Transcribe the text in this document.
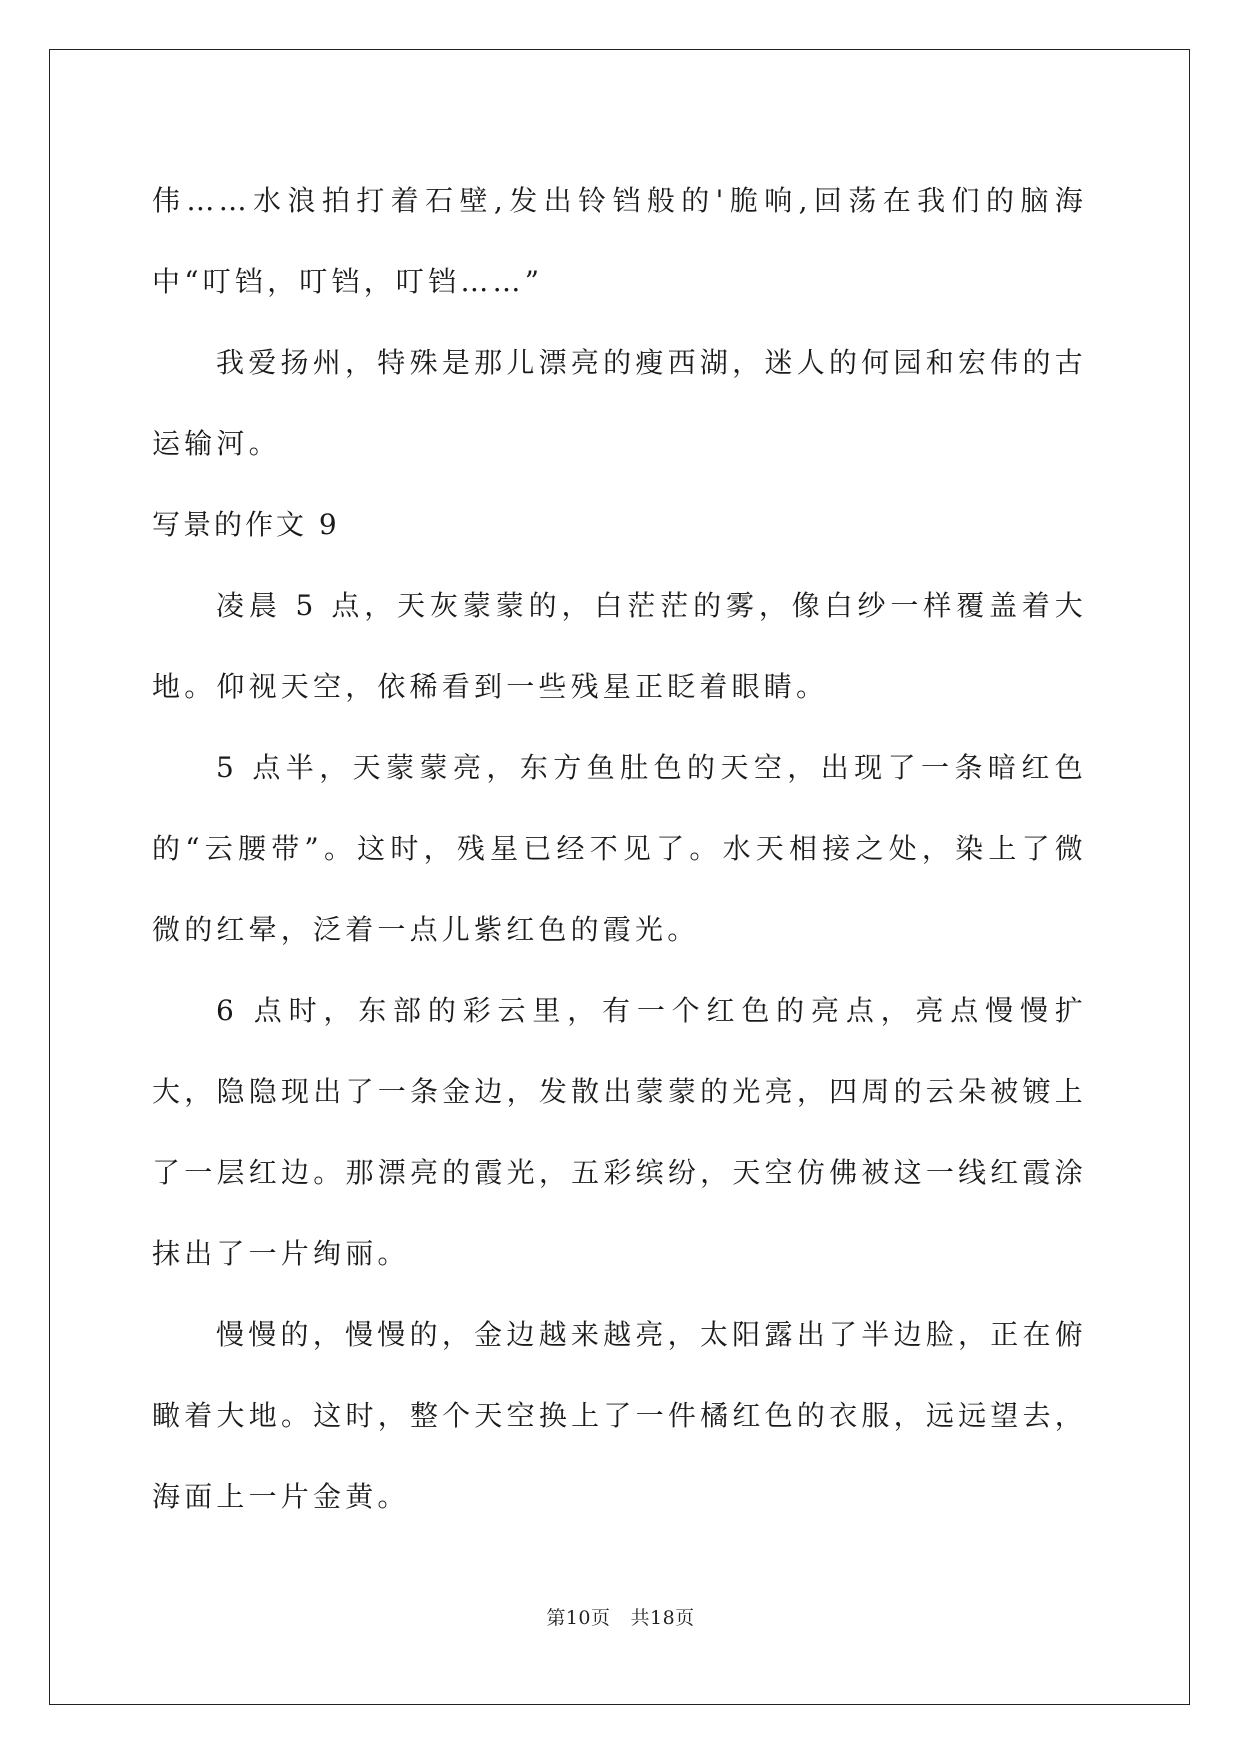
伟……水浪拍打着石壁,发出铃铛般的'脆响,回荡在我们的脑海中“叮铛，叮铛，叮铛……”

我爱扬州，特殊是那儿漂亮的瘦西湖，迷人的何园和宏伟的古运输河。

写景的作文 9

凌晨 5 点，天灰蒙蒙的，白茫茫的雾，像白纱一样覆盖着大地。仰视天空，依稀看到一些残星正眨着眼睛。

5 点半，天蒙蒙亮，东方鱼肚色的天空，出现了一条暗红色的“云腰带”。这时，残星已经不见了。水天相接之处，染上了微微的红晕，泛着一点儿紫红色的霞光。

6 点时，东部的彩云里，有一个红色的亮点，亮点慢慢扩大，隐隐现出了一条金边，发散出蒙蒙的光亮，四周的云朵被镀上了一层红边。那漂亮的霞光，五彩缤纷，天空仿佛被这一线红霞涂抹出了一片绚丽。

慢慢的，慢慢的，金边越来越亮，太阳露出了半边脸，正在俯瞰着大地。这时，整个天空换上了一件橘红色的衣服，远远望去，海面上一片金黄。

第10页 共18页
